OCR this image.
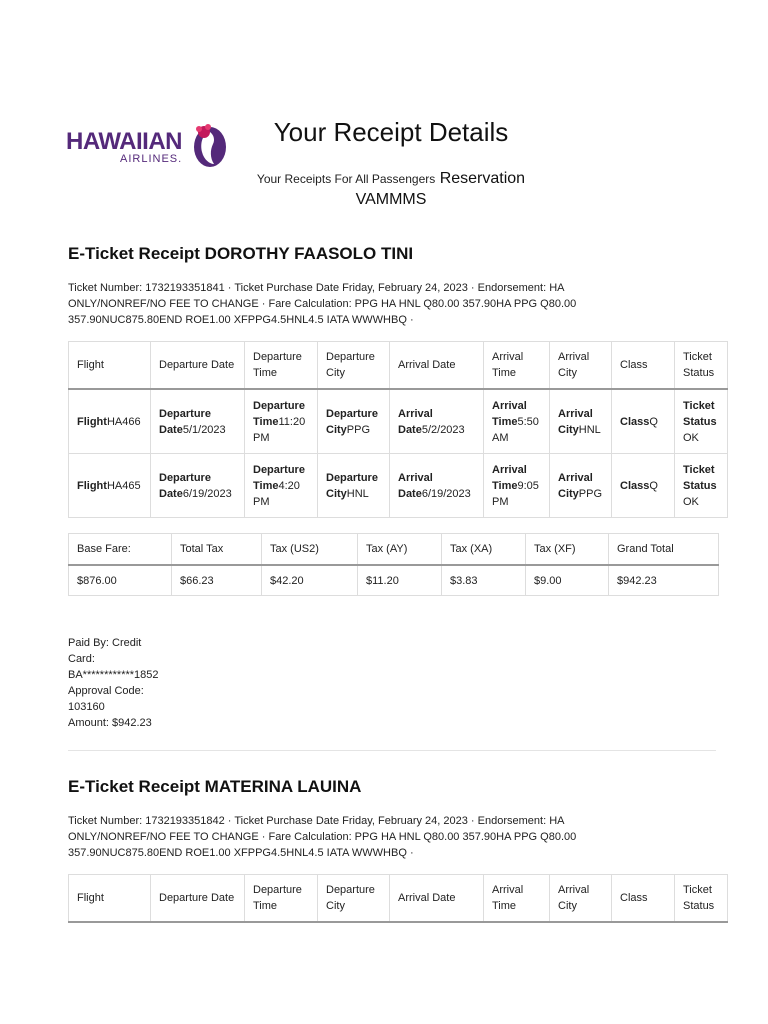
HAWAIIAN
AIRLINES.
Your Receipt Details
Your Receipts For All Passengers Reservation
VAMMMS
E-Ticket Receipt DOROTHY FAASOLO TINI
Ticket Number: 1732193351841 · Ticket Purchase Date Friday, February 24, 2023 · Endorsement: HA ONLY/NONREF/NO FEE TO CHANGE · Fare Calculation: PPG HA HNL Q80.00 357.90HA PPG Q80.00 357.90NUC875.80END ROE1.00 XFPPG4.5HNL4.5 IATA WWWHBQ ·
Flight	Departure Date	Departure Time	Departure City	Arrival Date	Arrival Time	Arrival City	Class	Ticket Status
FlightHA466	Departure Date5/1/2023	Departure Time11:20 PM	Departure CityPPG	Arrival Date5/2/2023	Arrival Time5:50 AM	Arrival CityHNL	ClassQ	Ticket Status OK
FlightHA465	Departure Date6/19/2023	Departure Time4:20 PM	Departure CityHNL	Arrival Date6/19/2023	Arrival Time9:05 PM	Arrival CityPPG	ClassQ	Ticket Status OK
Base Fare:	Total Tax	Tax (US2)	Tax (AY)	Tax (XA)	Tax (XF)	Grand Total
$876.00	$66.23	$42.20	$11.20	$3.83	$9.00	$942.23
Paid By: Credit Card: BA************1852
Approval Code: 103160
Amount: $942.23
E-Ticket Receipt MATERINA LAUINA
Ticket Number: 1732193351842 · Ticket Purchase Date Friday, February 24, 2023 · Endorsement: HA ONLY/NONREF/NO FEE TO CHANGE · Fare Calculation: PPG HA HNL Q80.00 357.90HA PPG Q80.00 357.90NUC875.80END ROE1.00 XFPPG4.5HNL4.5 IATA WWWHBQ ·
Flight	Departure Date	Departure Time	Departure City	Arrival Date	Arrival Time	Arrival City	Class	Ticket Status
